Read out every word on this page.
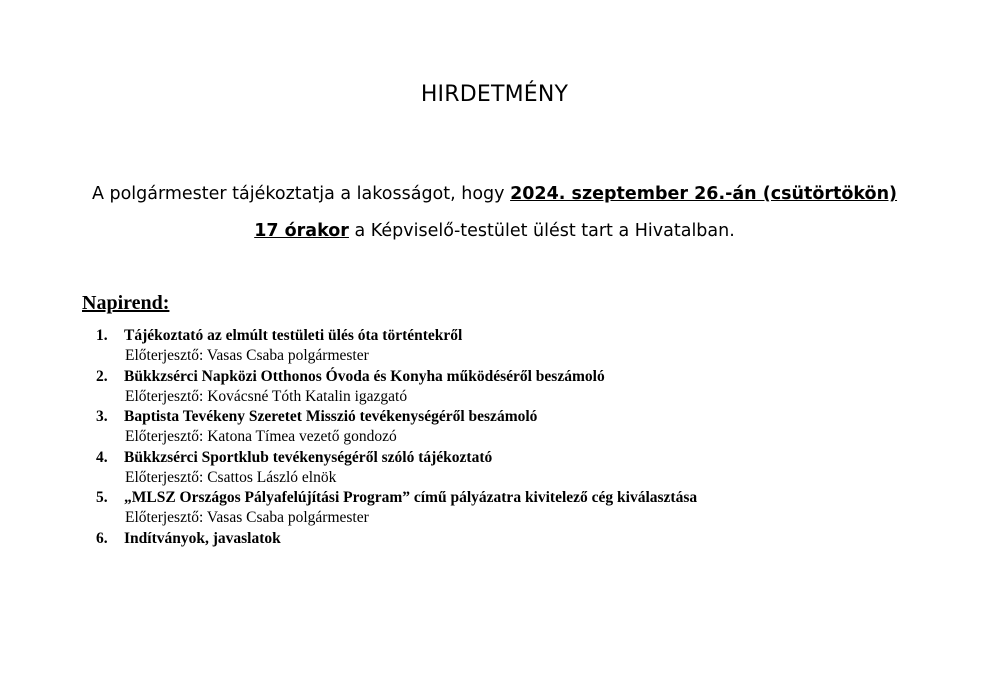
HIRDETMÉNY
A polgármester tájékoztatja a lakosságot, hogy 2024. szeptember 26.-án (csütörtökön)
17 órakor a Képviselő-testület ülést tart a Hivatalban.
Napirend:
1. Tájékoztató az elmúlt testületi ülés óta történtekről
Előterjesztő: Vasas Csaba polgármester
2. Bükkzsérci Napközi Otthonos Óvoda és Konyha működéséről beszámoló
Előterjesztő: Kovácsné Tóth Katalin igazgató
3. Baptista Tevékeny Szeretet Misszió tevékenységéről beszámoló
Előterjesztő: Katona Tímea vezető gondozó
4. Bükkzsérci Sportklub tevékenységéről szóló tájékoztató
Előterjesztő: Csattos László elnök
5. „MLSZ Országos Pályafelújítási Program” című pályázatra kivitelező cég kiválasztása
Előterjesztő: Vasas Csaba polgármester
6. Indítványok, javaslatok
